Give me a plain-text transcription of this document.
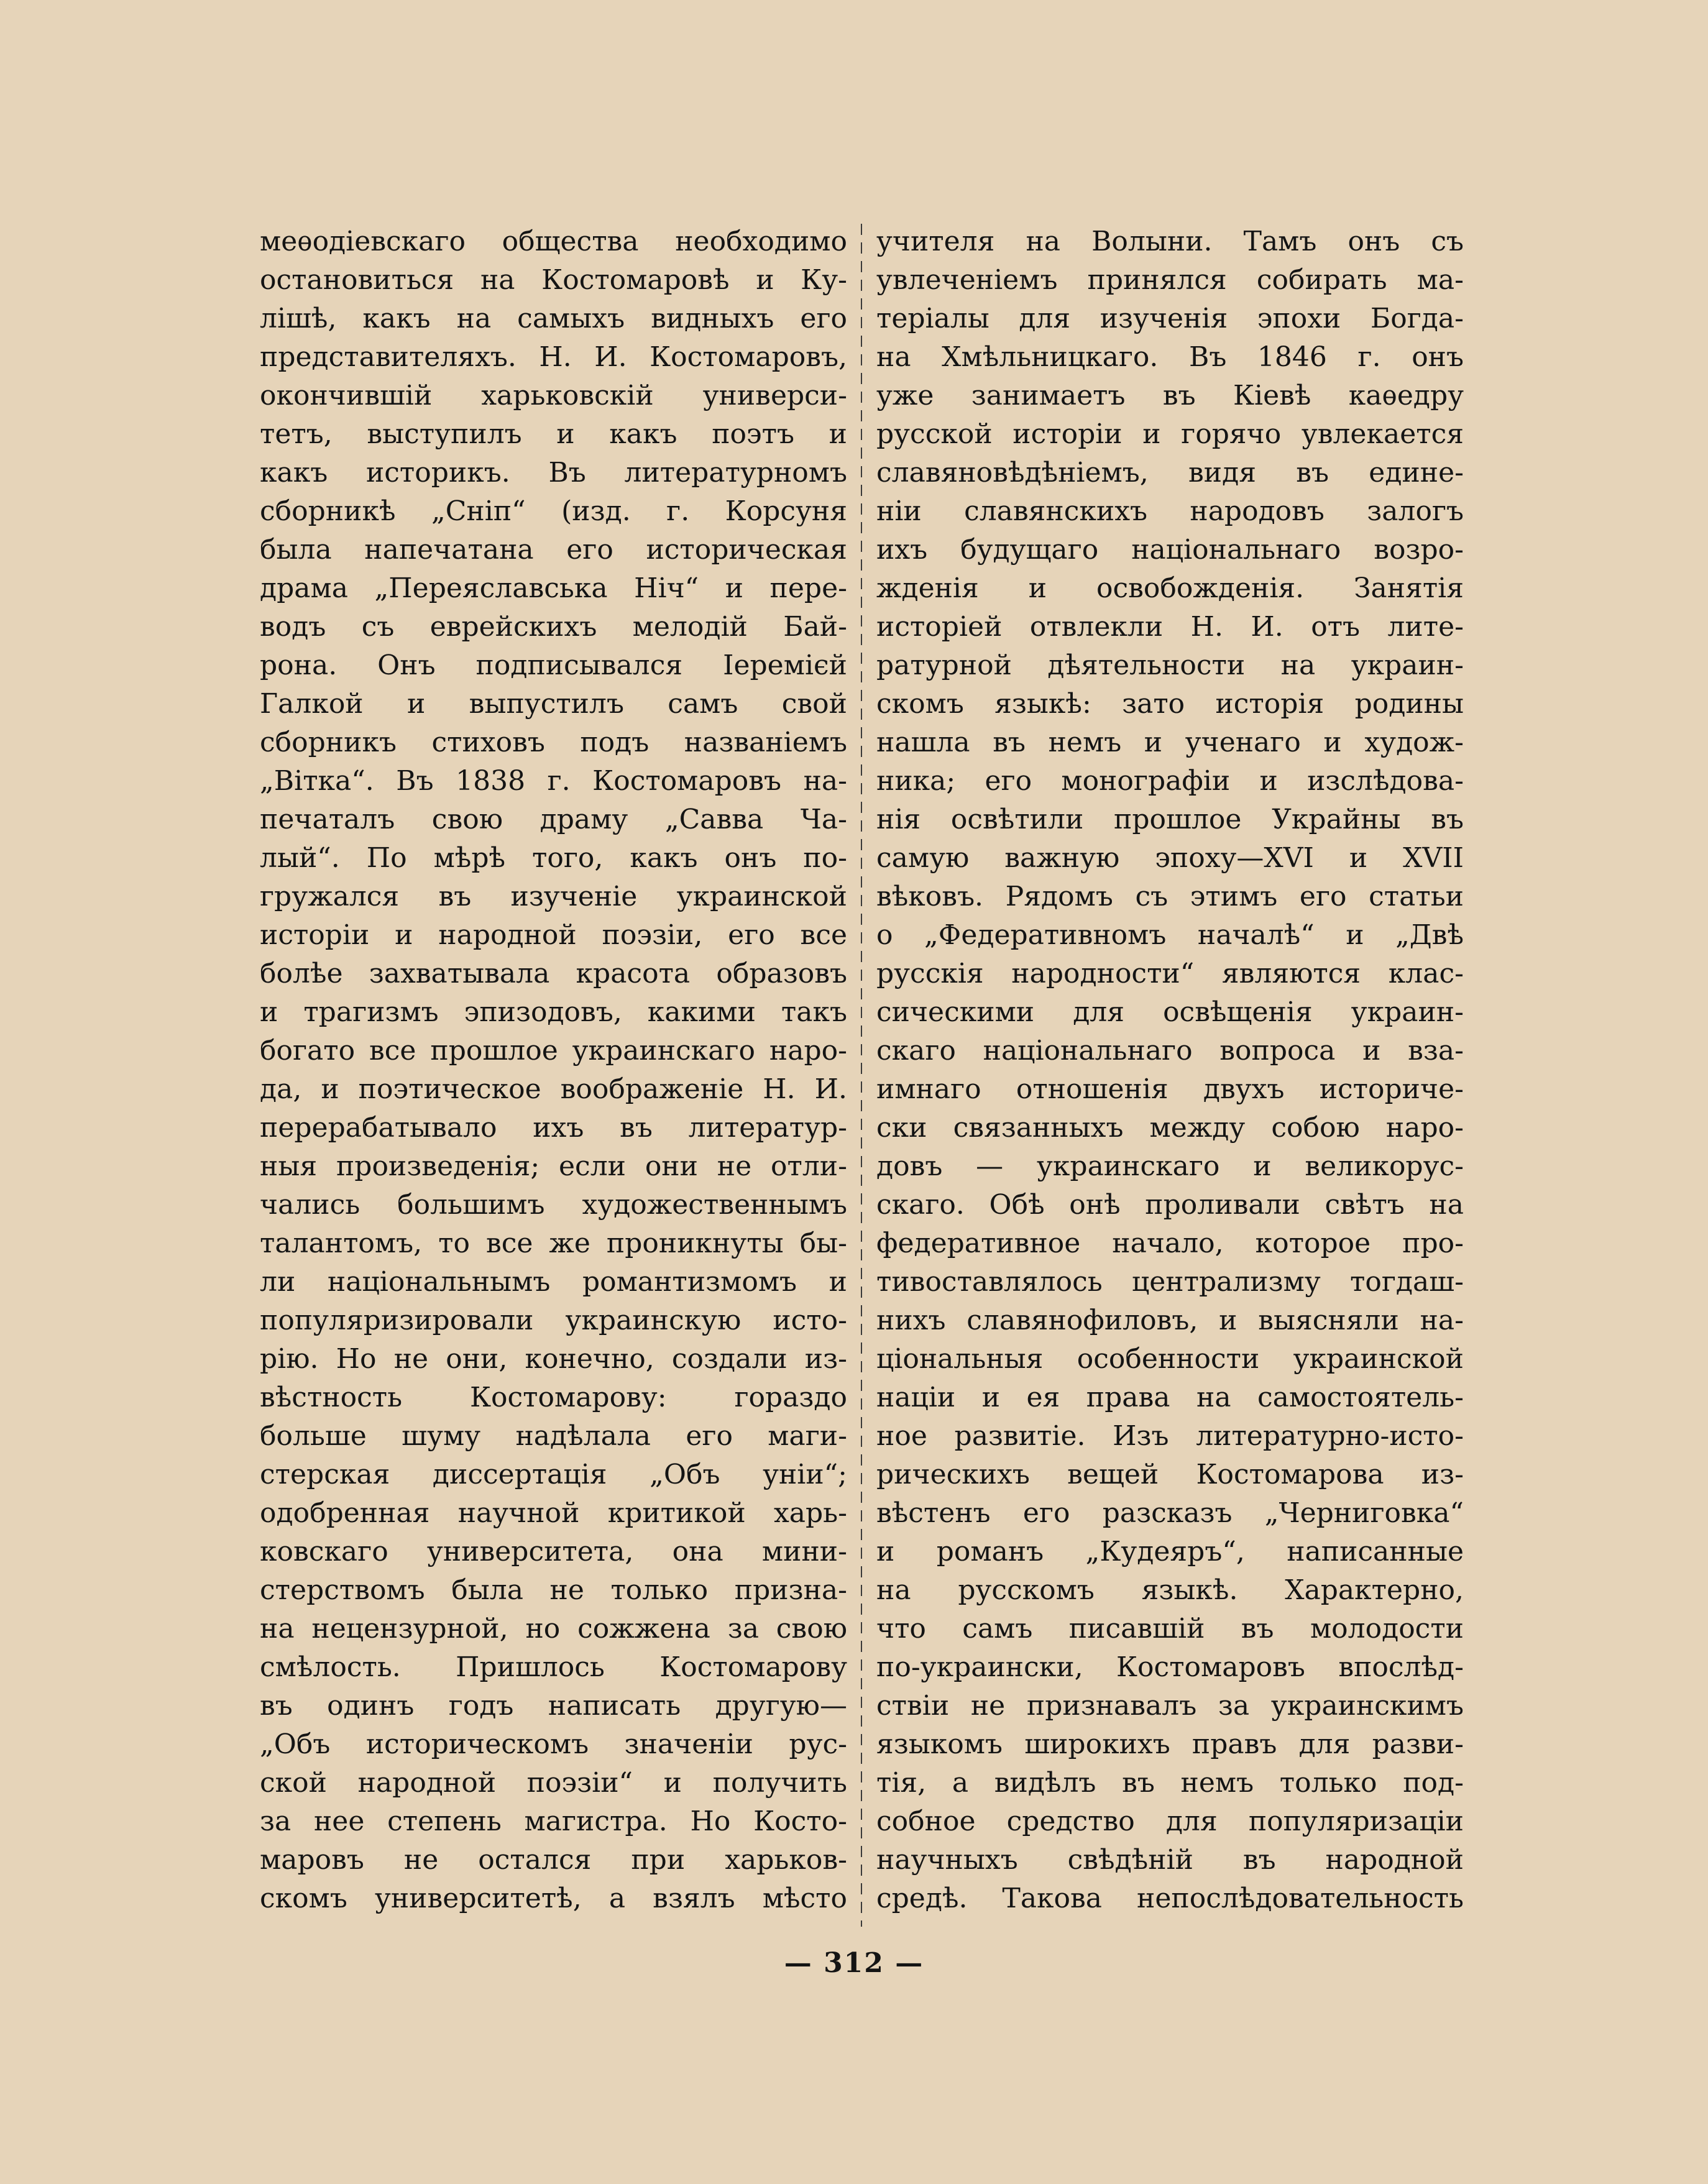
меѳодіевскаго общества необходимо
остановиться на Костомаровѣ и Ку-
лішѣ, какъ на самыхъ видныхъ его
представителяхъ. Н. И. Костомаровъ,
окончившій харьковскій универси-
тетъ, выступилъ и какъ поэтъ и
какъ историкъ. Въ литературномъ
сборникѣ „Сніп“ (изд. г. Корсуня
была напечатана его историческая
драма „Переяславська Ніч“ и пере-
водъ съ еврейскихъ мелодій Бай-
рона. Онъ подписывался Іеремієй
Галкой и выпустилъ самъ свой
сборникъ стиховъ подъ названіемъ
„Вітка“. Въ 1838 г. Костомаровъ на-
печаталъ свою драму „Савва Ча-
лый“. По мѣрѣ того, какъ онъ по-
гружался въ изученіе украинской
исторіи и народной поэзіи, его все
болѣе захватывала красота образовъ
и трагизмъ эпизодовъ, какими такъ
богато все прошлое украинскаго наро-
да, и поэтическое воображеніе Н. И.
перерабатывало ихъ въ литератур-
ныя произведенія; если они не отли-
чались большимъ художественнымъ
талантомъ, то все же проникнуты бы-
ли національнымъ романтизмомъ и
популяризировали украинскую исто-
рію. Но не они, конечно, создали из-
вѣстность Костомарову: гораздо
больше шуму надѣлала его маги-
стерская диссертація „Объ уніи“;
одобренная научной критикой харь-
ковскаго университета, она мини-
стерствомъ была не только призна-
на нецензурной, но сожжена за свою
смѣлость. Пришлось Костомарову
въ одинъ годъ написать другую—
„Объ историческомъ значеніи рус-
ской народной поэзіи“ и получить
за нее степень магистра. Но Косто-
маровъ не остался при харьков-
скомъ университетѣ, а взялъ мѣсто
учителя на Волыни. Тамъ онъ съ
увлеченіемъ принялся собирать ма-
теріалы для изученія эпохи Богда-
на Хмѣльницкаго. Въ 1846 г. онъ
уже занимаетъ въ Кіевѣ каѳедру
русской исторіи и горячо увлекается
славяновѣдѣніемъ, видя въ едине-
ніи славянскихъ народовъ залогъ
ихъ будущаго національнаго возро-
жденія и освобожденія. Занятія
исторіей отвлекли Н. И. отъ лите-
ратурной дѣятельности на украин-
скомъ языкѣ: зато исторія родины
нашла въ немъ и ученаго и худож-
ника; его монографіи и изслѣдова-
нія освѣтили прошлое Украйны въ
самую важную эпоху—XVI и XVII
вѣковъ. Рядомъ съ этимъ его статьи
о „Федеративномъ началѣ“ и „Двѣ
русскія народности“ являются клас-
сическими для освѣщенія украин-
скаго національнаго вопроса и вза-
имнаго отношенія двухъ историче-
ски связанныхъ между собою наро-
довъ — украинскаго и великорус-
скаго. Обѣ онѣ проливали свѣтъ на
федеративное начало, которое про-
тивоставлялось централизму тогдаш-
нихъ славянофиловъ, и выясняли на-
ціональныя особенности украинской
націи и ея права на самостоятель-
ное развитіе. Изъ литературно-исто-
рическихъ вещей Костомарова из-
вѣстенъ его разсказъ „Черниговка“
и романъ „Кудеяръ“, написанные
на русскомъ языкѣ. Характерно,
что самъ писавшій въ молодости
по-украински, Костомаровъ впослѣд-
ствіи не признавалъ за украинскимъ
языкомъ широкихъ правъ для разви-
тія, а видѣлъ въ немъ только под-
собное средство для популяризаціи
научныхъ свѣдѣній въ народной
средѣ. Такова непослѣдовательность
— 312 —
